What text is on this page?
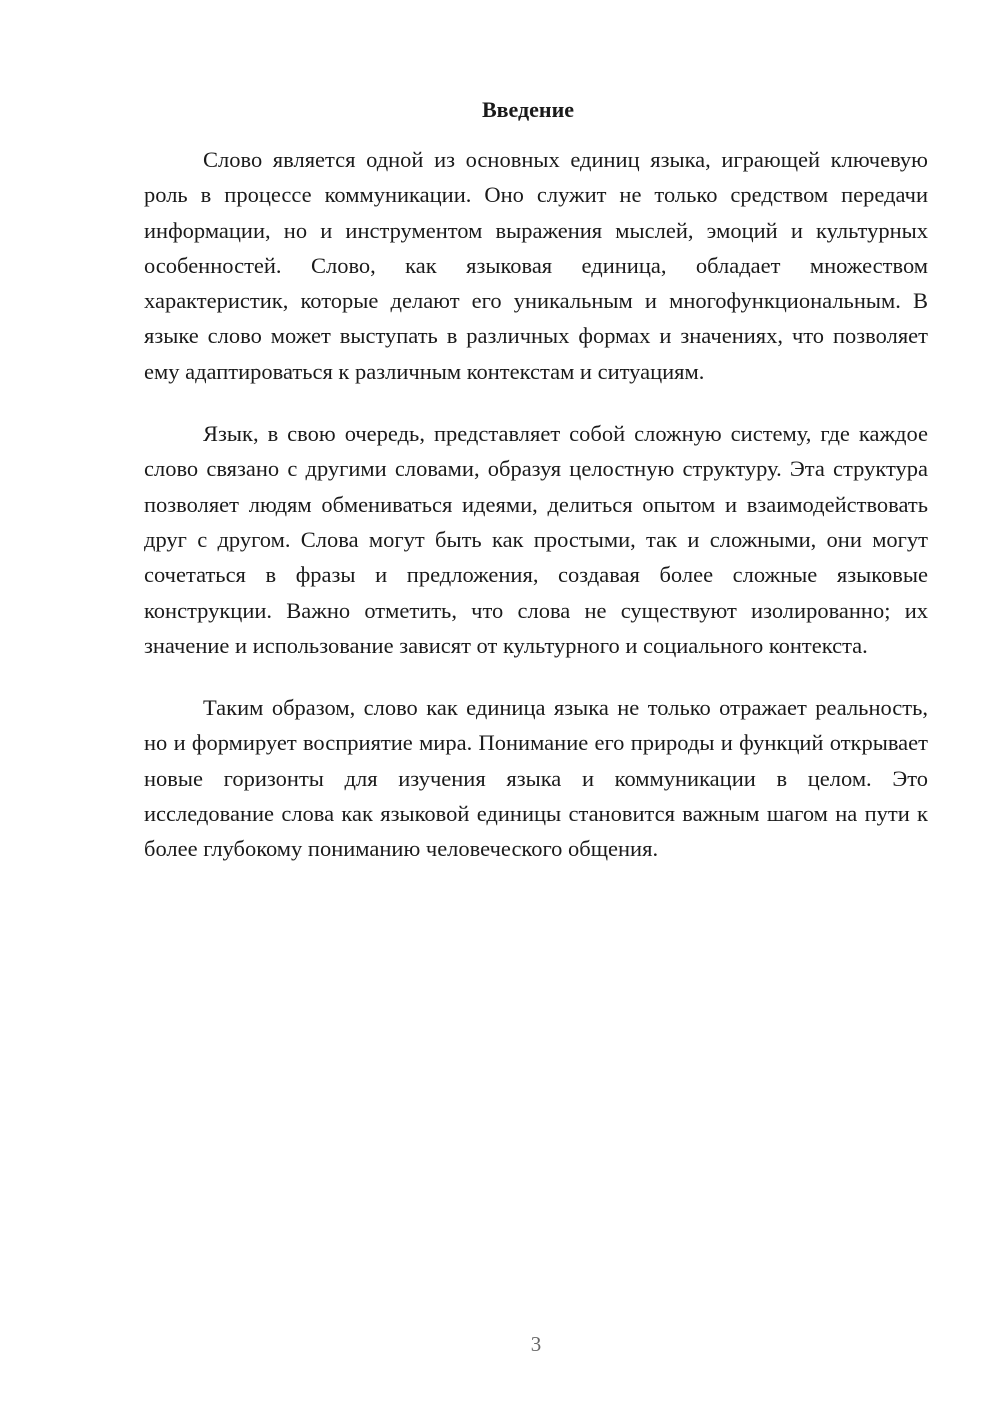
Введение

Слово является одной из основных единиц языка, играющей ключевую роль в процессе коммуникации. Оно служит не только средством передачи информации, но и инструментом выражения мыслей, эмоций и культурных особенностей. Слово, как языковая единица, обладает множеством характеристик, которые делают его уникальным и многофункциональным. В языке слово может выступать в различных формах и значениях, что позволяет ему адаптироваться к различным контекстам и ситуациям.

Язык, в свою очередь, представляет собой сложную систему, где каждое слово связано с другими словами, образуя целостную структуру. Эта структура позволяет людям обмениваться идеями, делиться опытом и взаимодействовать друг с другом. Слова могут быть как простыми, так и сложными, они могут сочетаться в фразы и предложения, создавая более сложные языковые конструкции. Важно отметить, что слова не существуют изолированно; их значение и использование зависят от культурного и социального контекста.

Таким образом, слово как единица языка не только отражает реальность, но и формирует восприятие мира. Понимание его природы и функций открывает новые горизонты для изучения языка и коммуникации в целом. Это исследование слова как языковой единицы становится важным шагом на пути к более глубокому пониманию человеческого общения.

3
